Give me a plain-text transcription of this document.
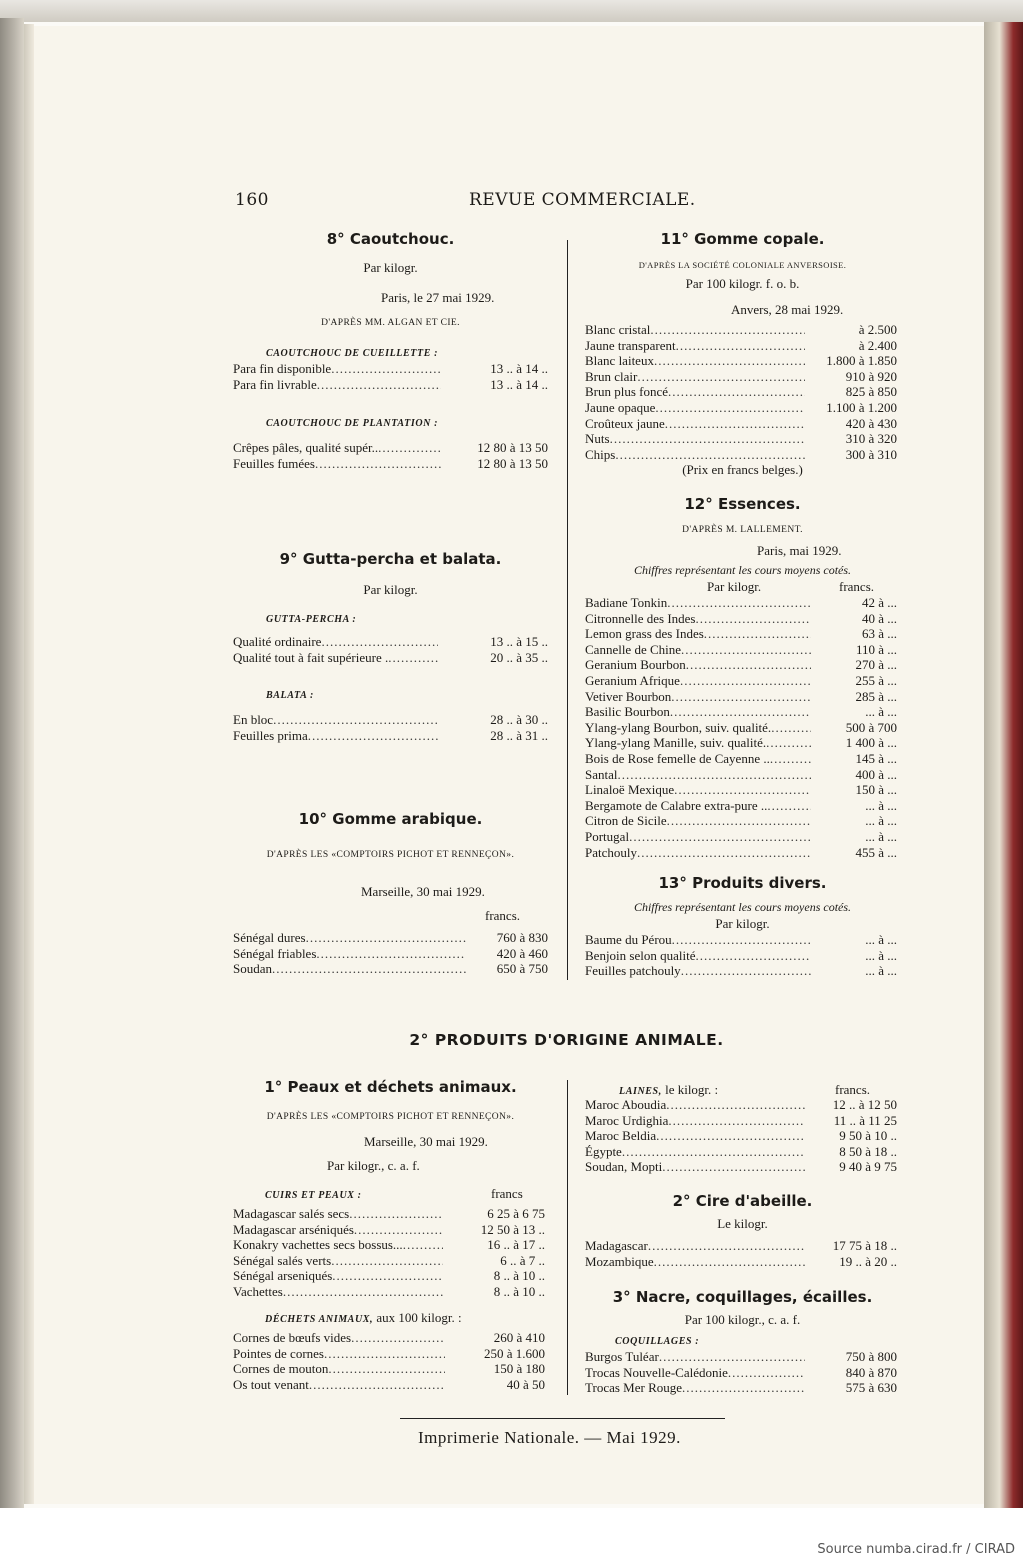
160	REVUE COMMERCIALE.
8° Caoutchouc.
Par kilogr.
Paris, le 27 mai 1929.
D'APRÈS MM. ALGAN ET CIE.
CAOUTCHOUC DE CUEILLETTE :
Para fin disponible .....	13 .. à 14 ..
Para fin livrable .....	13 .. à 14 ..
CAOUTCHOUC DE PLANTATION :
Crêpes pâles, qualité supér.. .....	12 80 à 13 50
Feuilles fumées .....	12 80 à 13 50
9° Gutta-percha et balata.
Par kilogr.
GUTTA-PERCHA :
Qualité ordinaire .....	13 .. à 15 ..
Qualité tout à fait supérieure . .....	20 .. à 35 ..
BALATA :
En bloc .....	28 .. à 30 ..
Feuilles prima .....	28 .. à 31 ..
10° Gomme arabique.
D'APRÈS LES «COMPTOIRS PICHOT ET RENNEÇON».
Marseille, 30 mai 1929.
francs.
Sénégal dures .....	760 à 830
Sénégal friables .....	420 à 460
Soudan .....	650 à 750
11° Gomme copale.
D'APRÈS LA SOCIÉTÉ COLONIALE ANVERSOISE.
Par 100 kilogr. f. o. b.
Anvers, 28 mai 1929.
Blanc cristal .....	à 2.500
Jaune transparent .....	à 2.400
Blanc laiteux .....	1.800 à 1.850
Brun clair .....	910 à 920
Brun plus foncé .....	825 à 850
Jaune opaque .....	1.100 à 1.200
Croûteux jaune .....	420 à 430
Nuts .....	310 à 320
Chips .....	300 à 310
(Prix en francs belges.)
12° Essences.
D'APRÈS M. LALLEMENT.
Paris, mai 1929.
Chiffres représentant les cours moyens cotés.
Par kilogr.	francs.
Badiane Tonkin .....	42 à ...
Citronnelle des Indes .....	40 à ...
Lemon grass des Indes .....	63 à ...
Cannelle de Chine .....	110 à ...
Geranium Bourbon .....	270 à ...
Geranium Afrique .....	255 à ...
Vetiver Bourbon .....	285 à ...
Basilic Bourbon .....	... à ...
Ylang-ylang Bourbon, suiv. qualité. .....	500 à 700
Ylang-ylang Manille, suiv. qualité. .....	1 400 à ...
Bois de Rose femelle de Cayenne .. .....	145 à ...
Santal .....	400 à ...
Linaloë Mexique .....	150 à ...
Bergamote de Calabre extra-pure .. .....	... à ...
Citron de Sicile .....	... à ...
Portugal .....	... à ...
Patchouly .....	455 à ...
13° Produits divers.
Chiffres représentant les cours moyens cotés.
Par kilogr.
Baume du Pérou .....	... à ...
Benjoin selon qualité .....	... à ...
Feuilles patchouly .....	... à ...
2° PRODUITS D'ORIGINE ANIMALE.
1° Peaux et déchets animaux.
D'APRÈS LES «COMPTOIRS PICHOT ET RENNEÇON».
Marseille, 30 mai 1929.
Par kilogr., c. a. f.
CUIRS ET PEAUX :	francs
Madagascar salés secs .....	6 25 à 6 75
Madagascar arséniqués .....	12 50 à 13 ..
Konakry vachettes secs bossus... .....	16 .. à 17 ..
Sénégal salés verts .....	6 .. à 7 ..
Sénégal arseniqués .....	8 .. à 10 ..
Vachettes .....	8 .. à 10 ..
DÉCHETS ANIMAUX, aux 100 kilogr. :
Cornes de bœufs vides .....	260 à 410
Pointes de cornes .....	250 à 1.600
Cornes de mouton .....	150 à 180
Os tout venant .....	40 à 50
LAINES, le kilogr. :	francs.
Maroc Aboudia .....	12 .. à 12 50
Maroc Urdighia .....	11 .. à 11 25
Maroc Beldia .....	9 50 à 10 ..
Égypte .....	8 50 à 18 ..
Soudan, Mopti .....	9 40 à 9 75
2° Cire d'abeille.
Le kilogr.
Madagascar .....	17 75 à 18 ..
Mozambique .....	19 .. à 20 ..
3° Nacre, coquillages, écailles.
Par 100 kilogr., c. a. f.
COQUILLAGES :
Burgos Tuléar .....	750 à 800
Trocas Nouvelle-Calédonie .....	840 à 870
Trocas Mer Rouge .....	575 à 630
Imprimerie Nationale. — Mai 1929.
Source numba.cirad.fr / CIRAD
